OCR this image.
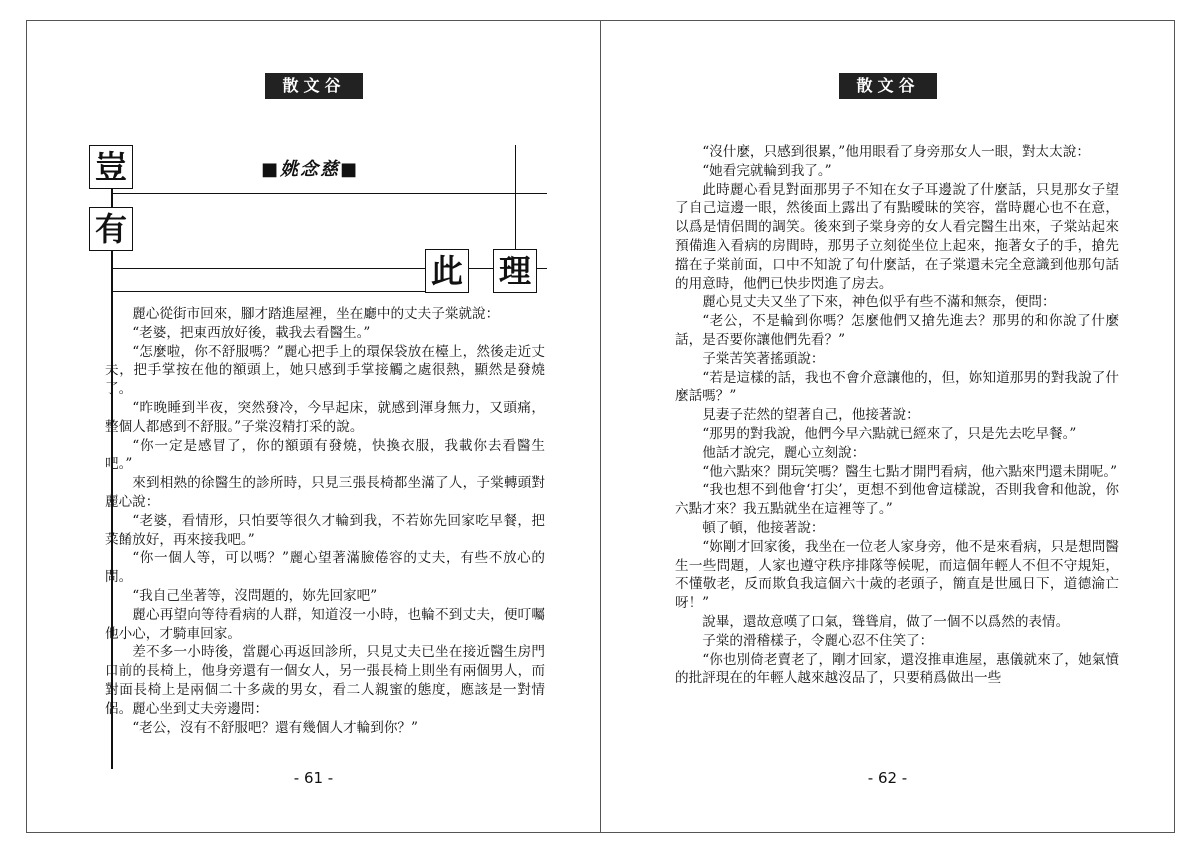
散文谷
豈
有
此 理
■姚念慈■

麗心從街市回來，腳才踏進屋裡，坐在廳中的丈夫子棠就說：

“老婆，把東西放好後，載我去看醫生。”

“怎麼啦，你不舒服嗎？”麗心把手上的環保袋放在檯上，然後走近丈夫，把手掌按在他的額頭上，她只感到手掌接觸之處很熱，顯然是發燒了。

“昨晚睡到半夜，突然發冷，今早起床，就感到渾身無力，又頭痛，整個人都感到不舒服。”子棠沒精打采的說。

“你一定是感冒了，你的額頭有發燒，快換衣服，我載你去看醫生吧。”

來到相熟的徐醫生的診所時，只見三張長椅都坐滿了人，子棠轉頭對麗心說：

“老婆，看情形，只怕要等很久才輪到我，不若妳先回家吃早餐，把菜餚放好，再來接我吧。”

“你一個人等，可以嗎？”麗心望著滿臉倦容的丈夫，有些不放心的問。

“我自己坐著等，沒問題的，妳先回家吧”

麗心再望向等待看病的人群，知道沒一小時，也輪不到丈夫，便叮囑他小心，才騎車回家。

差不多一小時後，當麗心再返回診所，只見丈夫已坐在接近醫生房門口前的長椅上，他身旁還有一個女人，另一張長椅上則坐有兩個男人，而對面長椅上是兩個二十多歲的男女，看二人親蜜的態度，應該是一對情侶。麗心坐到丈夫旁邊問：

“老公，沒有不舒服吧？還有幾個人才輪到你？”

- 61 -
散文谷

“沒什麼，只感到很累，”他用眼看了身旁那女人一眼，對太太說：

“她看完就輪到我了。”

此時麗心看見對面那男子不知在女子耳邊說了什麼話，只見那女子望了自己這邊一眼，然後面上露出了有點曖昧的笑容，當時麗心也不在意，以爲是情侶間的調笑。後來到子棠身旁的女人看完醫生出來，子棠站起來預備進入看病的房間時，那男子立刻從坐位上起來，拖著女子的手，搶先擋在子棠前面，口中不知說了句什麼話，在子棠還未完全意識到他那句話的用意時，他們已快步閃進了房去。

麗心見丈夫又坐了下來，神色似乎有些不滿和無奈，便問：

“老公，不是輪到你嗎？怎麼他們又搶先進去？那男的和你說了什麼話，是否要你讓他們先看？”

子棠苦笑著搖頭說：

“若是這樣的話，我也不會介意讓他的，但，妳知道那男的對我說了什麼話嗎？”

見妻子茫然的望著自己，他接著說：

“那男的對我說，他們今早六點就已經來了，只是先去吃早餐。”

他話才說完，麗心立刻說：

“他六點來？開玩笑嗎？醫生七點才開門看病，他六點來門還未開呢。”

“我也想不到他會‘打尖’，更想不到他會這樣說，否則我會和他說，你六點才來？我五點就坐在這裡等了。”

頓了頓，他接著說：

“妳剛才回家後，我坐在一位老人家身旁，他不是來看病，只是想問醫生一些問題，人家也遵守秩序排隊等候呢，而這個年輕人不但不守規矩，不懂敬老，反而欺負我這個六十歲的老頭子，簡直是世風日下，道德淪亡呀！”

說畢，還故意嘆了口氣，聳聳肩，做了一個不以爲然的表情。

子棠的滑稽樣子，令麗心忍不住笑了：

“你也別倚老賣老了，剛才回家，還沒推車進屋，惠儀就來了，她氣憤的批評現在的年輕人越來越沒品了，只要稍爲做出一些

- 62 -
